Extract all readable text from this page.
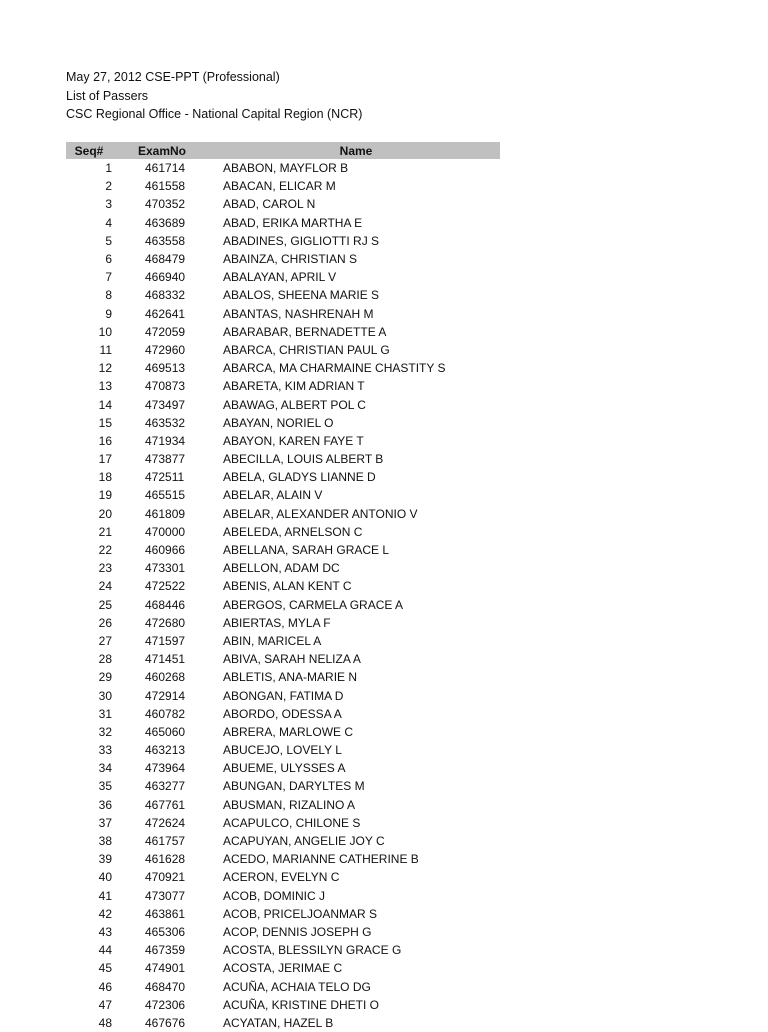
May 27, 2012 CSE-PPT (Professional)
List of Passers
CSC Regional Office - National Capital Region (NCR)
Seq#	ExamNo	Name
1	461714	ABABON, MAYFLOR B
2	461558	ABACAN, ELICAR M
3	470352	ABAD, CAROL N
4	463689	ABAD, ERIKA MARTHA E
5	463558	ABADINES, GIGLIOTTI RJ S
6	468479	ABAINZA, CHRISTIAN S
7	466940	ABALAYAN, APRIL V
8	468332	ABALOS, SHEENA MARIE S
9	462641	ABANTAS, NASHRENAH M
10	472059	ABARABAR, BERNADETTE A
11	472960	ABARCA, CHRISTIAN PAUL G
12	469513	ABARCA, MA CHARMAINE CHASTITY S
13	470873	ABARETA, KIM ADRIAN T
14	473497	ABAWAG, ALBERT POL C
15	463532	ABAYAN, NORIEL O
16	471934	ABAYON, KAREN FAYE T
17	473877	ABECILLA, LOUIS ALBERT B
18	472511	ABELA, GLADYS LIANNE D
19	465515	ABELAR, ALAIN V
20	461809	ABELAR, ALEXANDER ANTONIO V
21	470000	ABELEDA, ARNELSON C
22	460966	ABELLANA, SARAH GRACE L
23	473301	ABELLON, ADAM DC
24	472522	ABENIS, ALAN KENT C
25	468446	ABERGOS, CARMELA GRACE A
26	472680	ABIERTAS, MYLA F
27	471597	ABIN, MARICEL A
28	471451	ABIVA, SARAH NELIZA A
29	460268	ABLETIS, ANA-MARIE N
30	472914	ABONGAN, FATIMA D
31	460782	ABORDO, ODESSA A
32	465060	ABRERA, MARLOWE C
33	463213	ABUCEJO, LOVELY L
34	473964	ABUEME, ULYSSES A
35	463277	ABUNGAN, DARYLTES M
36	467761	ABUSMAN, RIZALINO A
37	472624	ACAPULCO, CHILONE S
38	461757	ACAPUYAN, ANGELIE JOY C
39	461628	ACEDO, MARIANNE CATHERINE B
40	470921	ACERON, EVELYN C
41	473077	ACOB, DOMINIC J
42	463861	ACOB, PRICELJOANMAR S
43	465306	ACOP, DENNIS JOSEPH G
44	467359	ACOSTA, BLESSILYN GRACE G
45	474901	ACOSTA, JERIMAE C
46	468470	ACUÑA, ACHAIA TELO DG
47	472306	ACUÑA, KRISTINE DHETI O
48	467676	ACYATAN, HAZEL B
